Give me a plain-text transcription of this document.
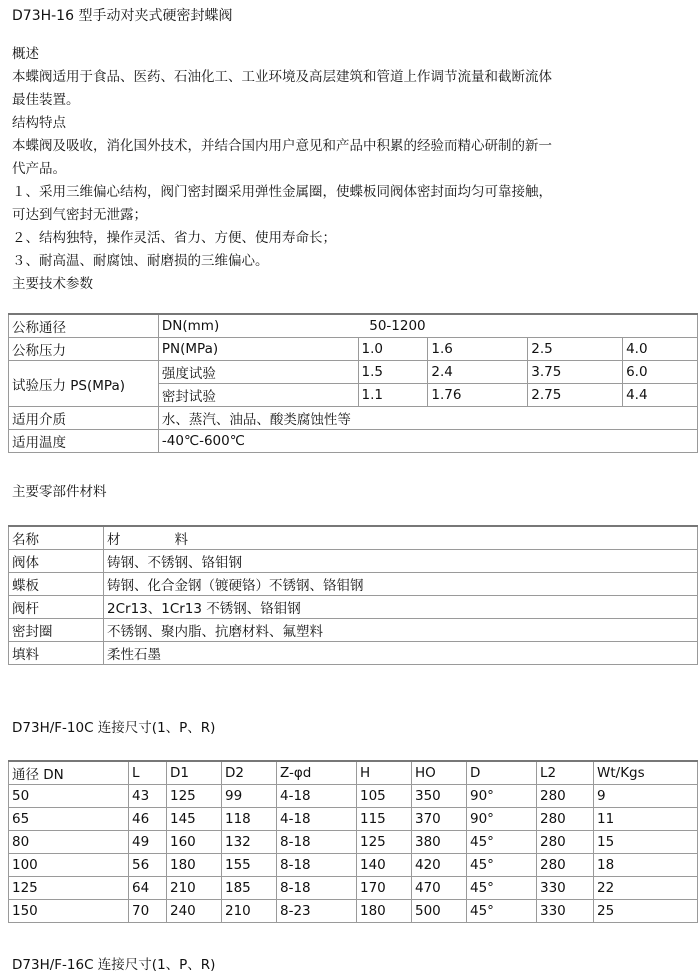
D73H-16 型手动对夹式硬密封蝶阀
概述
本蝶阀适用于食品、医药、石油化工、工业环境及高层建筑和管道上作调节流量和截断流体
最佳装置。
结构特点
本蝶阀及吸收，消化国外技术，并结合国内用户意见和产品中积累的经验而精心研制的新一
代产品。
１、采用三维偏心结构，阀门密封圈采用弹性金属圈，使蝶板同阀体密封面均匀可靠接触，
可达到气密封无泄露；
２、结构独特，操作灵活、省力、方便、使用寿命长；
３、耐高温、耐腐蚀、耐磨损的三维偏心。
主要技术参数
公称通径	DN(mm) 50-1200				
公称压力	PN(MPa)	1.0	1.6	2.5	4.0
试验压力 PS(MPa)	强度试验	1.5	2.4	3.75	6.0
	密封试验	1.1	1.76	2.75	4.4
适用介质	水、蒸汽、油品、酸类腐蚀性等				
适用温度	-40℃-600℃				
主要零部件材料
名称	材　　　　料
阀体	铸钢、不锈钢、铬钼钢
蝶板	铸钢、化合金钢（镀硬铬）不锈钢、铬钼钢
阀杆	2Cr13、1Cr13 不锈钢、铬钼钢
密封圈	不锈钢、聚内脂、抗磨材料、氟塑料
填料	柔性石墨
D73H/F-10C 连接尺寸(1、P、R)
通径 DN	L	D1	D2	Z-φd	H	HO	D	L2	Wt/Kgs
50	43	125	99	4-18	105	350	90°	280	9
65	46	145	118	4-18	115	370	90°	280	11
80	49	160	132	8-18	125	380	45°	280	15
100	56	180	155	8-18	140	420	45°	280	18
125	64	210	185	8-18	170	470	45°	330	22
150	70	240	210	8-23	180	500	45°	330	25
D73H/F-16C 连接尺寸(1、P、R)
